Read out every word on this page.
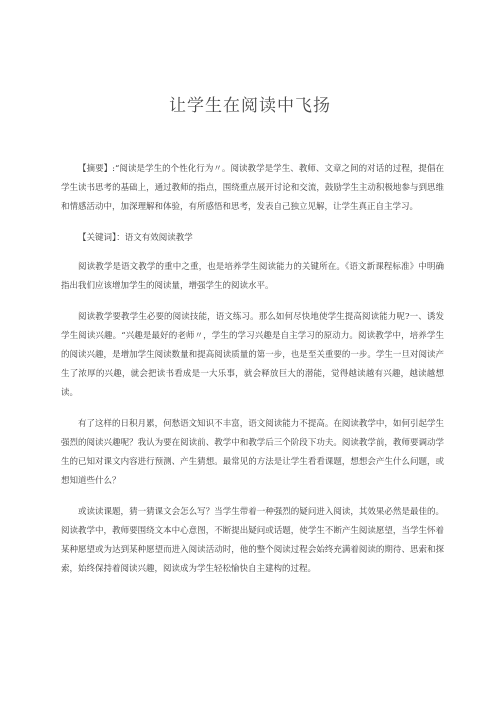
让学生在阅读中飞扬

【摘要】:“阅读是学生的个性化行为〃。阅读教学是学生、教师、文章之间的对话的过程，提倡在学生读书思考的基础上，通过教师的指点，围绕重点展开讨论和交流，鼓励学生主动积极地参与到思维和情感活动中，加深理解和体验，有所感悟和思考，发表自己独立见解，让学生真正自主学习。

【关键词】：语文有效阅读教学

阅读教学是语文教学的重中之重，也是培养学生阅读能力的关键所在。《语文新课程标准》中明确指出我们应该增加学生的阅读量，增强学生的阅读水平。

阅读教学要教学生必要的阅读技能，语文练习。那么如何尽快地使学生提高阅读能力呢?一、诱发学生阅读兴趣。“兴趣是最好的老师〃，学生的学习兴趣是自主学习的原动力。阅读教学中，培养学生的阅读兴趣，是增加学生阅读数量和提高阅读质量的第一步，也是至关重要的一步。学生一旦对阅读产生了浓厚的兴趣，就会把读书看成是一大乐事，就会释放巨大的潜能，觉得越读越有兴趣，越读越想读。

有了这样的日积月累，何愁语文知识不丰富，语文阅读能力不提高。在阅读教学中，如何引起学生强烈的阅读兴趣呢？我认为要在阅读前、教学中和教学后三个阶段下功夫。阅读教学前，教师要调动学生的已知对课文内容进行预测、产生猜想。最常见的方法是让学生看看课题，想想会产生什么问题，或想知道些什么？

或读读课题，猜一猜课文会怎么写？当学生带着一种强烈的疑问进入阅读，其效果必然是最佳的。阅读教学中，教师要围绕文本中心意图，不断提出疑问或话题，使学生不断产生阅读愿望，当学生怀着某种愿望或为达到某种愿望而进入阅读活动时，他的整个阅读过程会始终充满着阅读的期待、思索和探索，始终保持着阅读兴趣，阅读成为学生轻松愉快自主建构的过程。
